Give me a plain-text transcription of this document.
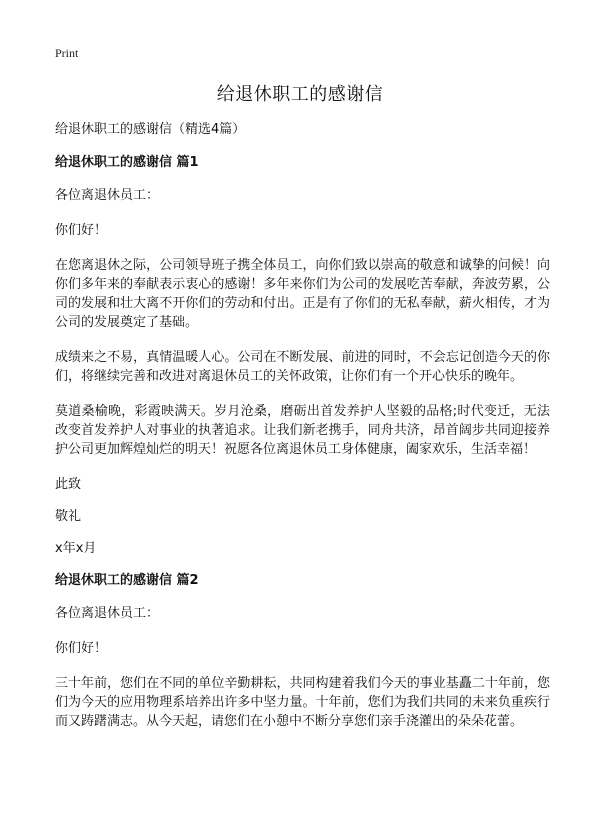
Print
给退休职工的感谢信

给退休职工的感谢信（精选4篇）

给退休职工的感谢信 篇1

各位离退休员工：

你们好！

在您离退休之际，公司领导班子携全体员工，向你们致以崇高的敬意和诚挚的问候！向你们多年来的奉献表示衷心的感谢！多年来你们为公司的发展吃苦奉献，奔波劳累，公司的发展和壮大离不开你们的劳动和付出。正是有了你们的无私奉献，薪火相传，才为公司的发展奠定了基础。

成绩来之不易，真情温暖人心。公司在不断发展、前进的同时，不会忘记创造今天的你们，将继续完善和改进对离退休员工的关怀政策，让你们有一个开心快乐的晚年。

莫道桑榆晚，彩霞映满天。岁月沧桑，磨砺出首发养护人坚毅的品格;时代变迁，无法改变首发养护人对事业的执著追求。让我们新老携手，同舟共济，昂首阔步共同迎接养护公司更加辉煌灿烂的明天！祝愿各位离退休员工身体健康，阖家欢乐，生活幸福！

此致

敬礼

x年x月

给退休职工的感谢信 篇2

各位离退休员工：

你们好！

三十年前，您们在不同的单位辛勤耕耘，共同构建着我们今天的事业基矗二十年前，您们为今天的应用物理系培养出许多中坚力量。十年前，您们为我们共同的未来负重疾行而又踌躇满志。从今天起，请您们在小憩中不断分享您们亲手浇灌出的朵朵花蕾。
